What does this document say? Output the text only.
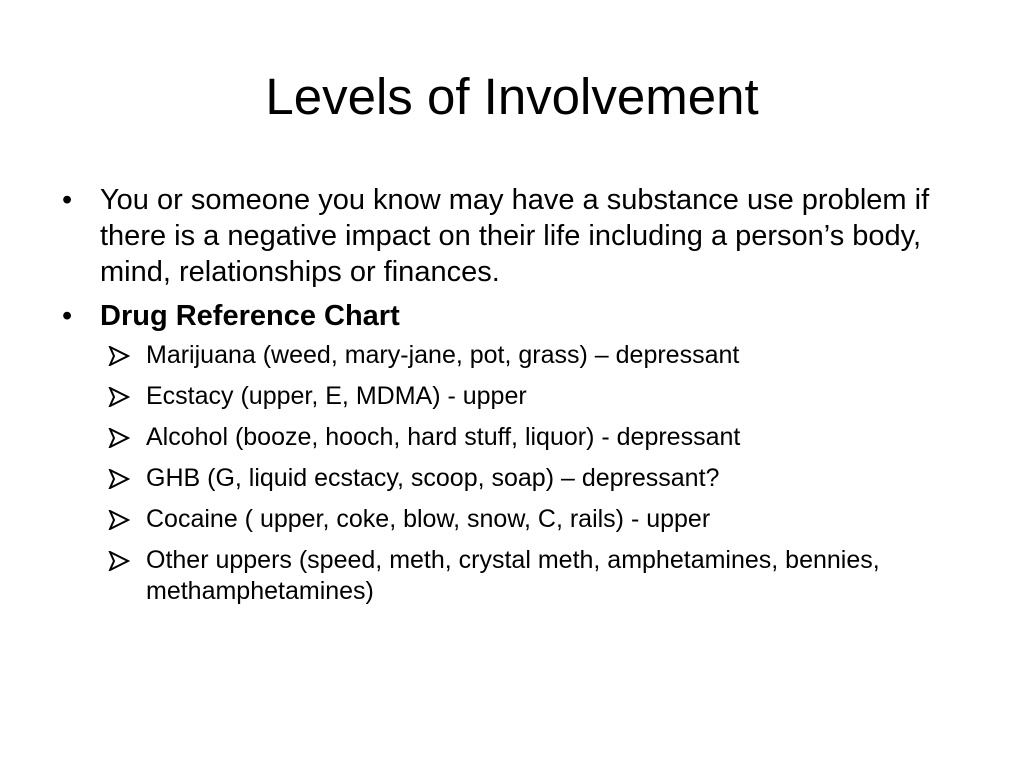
Levels of Involvement

• You or someone you know may have a substance use problem if there is a negative impact on their life including a person’s body, mind, relationships or finances.

• Drug Reference Chart

Marijuana (weed, mary-jane, pot, grass) – depressant
Ecstacy (upper, E, MDMA) - upper
Alcohol (booze, hooch, hard stuff, liquor) - depressant
GHB (G, liquid ecstacy, scoop, soap) – depressant?
Cocaine ( upper, coke, blow, snow, C, rails) - upper
Other uppers (speed, meth, crystal meth, amphetamines, bennies, methamphetamines)
